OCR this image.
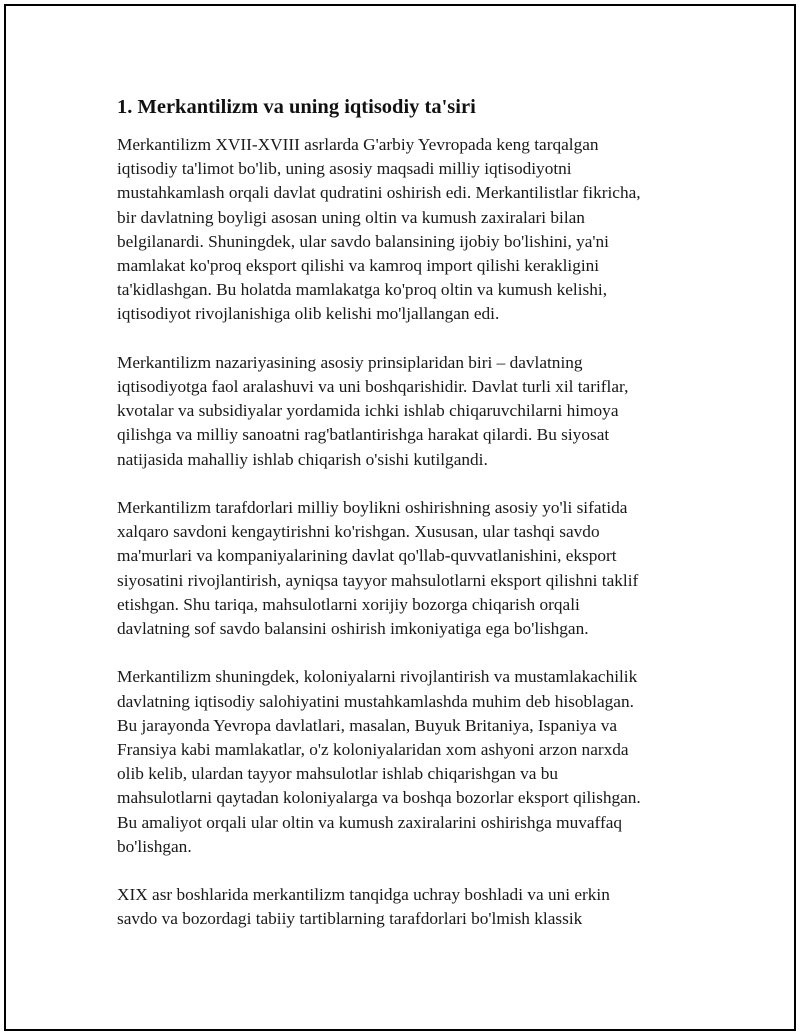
1. Merkantilizm va uning iqtisodiy ta'siri
Merkantilizm XVII-XVIII asrlarda G'arbiy Yevropada keng tarqalgan
iqtisodiy ta'limot bo'lib, uning asosiy maqsadi milliy iqtisodiyotni
mustahkamlash orqali davlat qudratini oshirish edi. Merkantilistlar fikricha,
bir davlatning boyligi asosan uning oltin va kumush zaxiralari bilan
belgilanardi. Shuningdek, ular savdo balansining ijobiy bo'lishini, ya'ni
mamlakat ko'proq eksport qilishi va kamroq import qilishi kerakligini
ta'kidlashgan. Bu holatda mamlakatga ko'proq oltin va kumush kelishi,
iqtisodiyot rivojlanishiga olib kelishi mo'ljallangan edi.
Merkantilizm nazariyasining asosiy prinsiplaridan biri – davlatning
iqtisodiyotga faol aralashuvi va uni boshqarishidir. Davlat turli xil tariflar,
kvotalar va subsidiyalar yordamida ichki ishlab chiqaruvchilarni himoya
qilishga va milliy sanoatni rag'batlantirishga harakat qilardi. Bu siyosat
natijasida mahalliy ishlab chiqarish o'sishi kutilgandi.
Merkantilizm tarafdorlari milliy boylikni oshirishning asosiy yo'li sifatida
xalqaro savdoni kengaytirishni ko'rishgan. Xususan, ular tashqi savdo
ma'murlari va kompaniyalarining davlat qo'llab-quvvatlanishini, eksport
siyosatini rivojlantirish, ayniqsa tayyor mahsulotlarni eksport qilishni taklif
etishgan. Shu tariqa, mahsulotlarni xorijiy bozorga chiqarish orqali
davlatning sof savdo balansini oshirish imkoniyatiga ega bo'lishgan.
Merkantilizm shuningdek, koloniyalarni rivojlantirish va mustamlakachilik
davlatning iqtisodiy salohiyatini mustahkamlashda muhim deb hisoblagan.
Bu jarayonda Yevropa davlatlari, masalan, Buyuk Britaniya, Ispaniya va
Fransiya kabi mamlakatlar, o'z koloniyalaridan xom ashyoni arzon narxda
olib kelib, ulardan tayyor mahsulotlar ishlab chiqarishgan va bu
mahsulotlarni qaytadan koloniyalarga va boshqa bozorlar eksport qilishgan.
Bu amaliyot orqali ular oltin va kumush zaxiralarini oshirishga muvaffaq
bo'lishgan.
XIX asr boshlarida merkantilizm tanqidga uchray boshladi va uni erkin
savdo va bozordagi tabiiy tartiblarning tarafdorlari bo'lmish klassik
